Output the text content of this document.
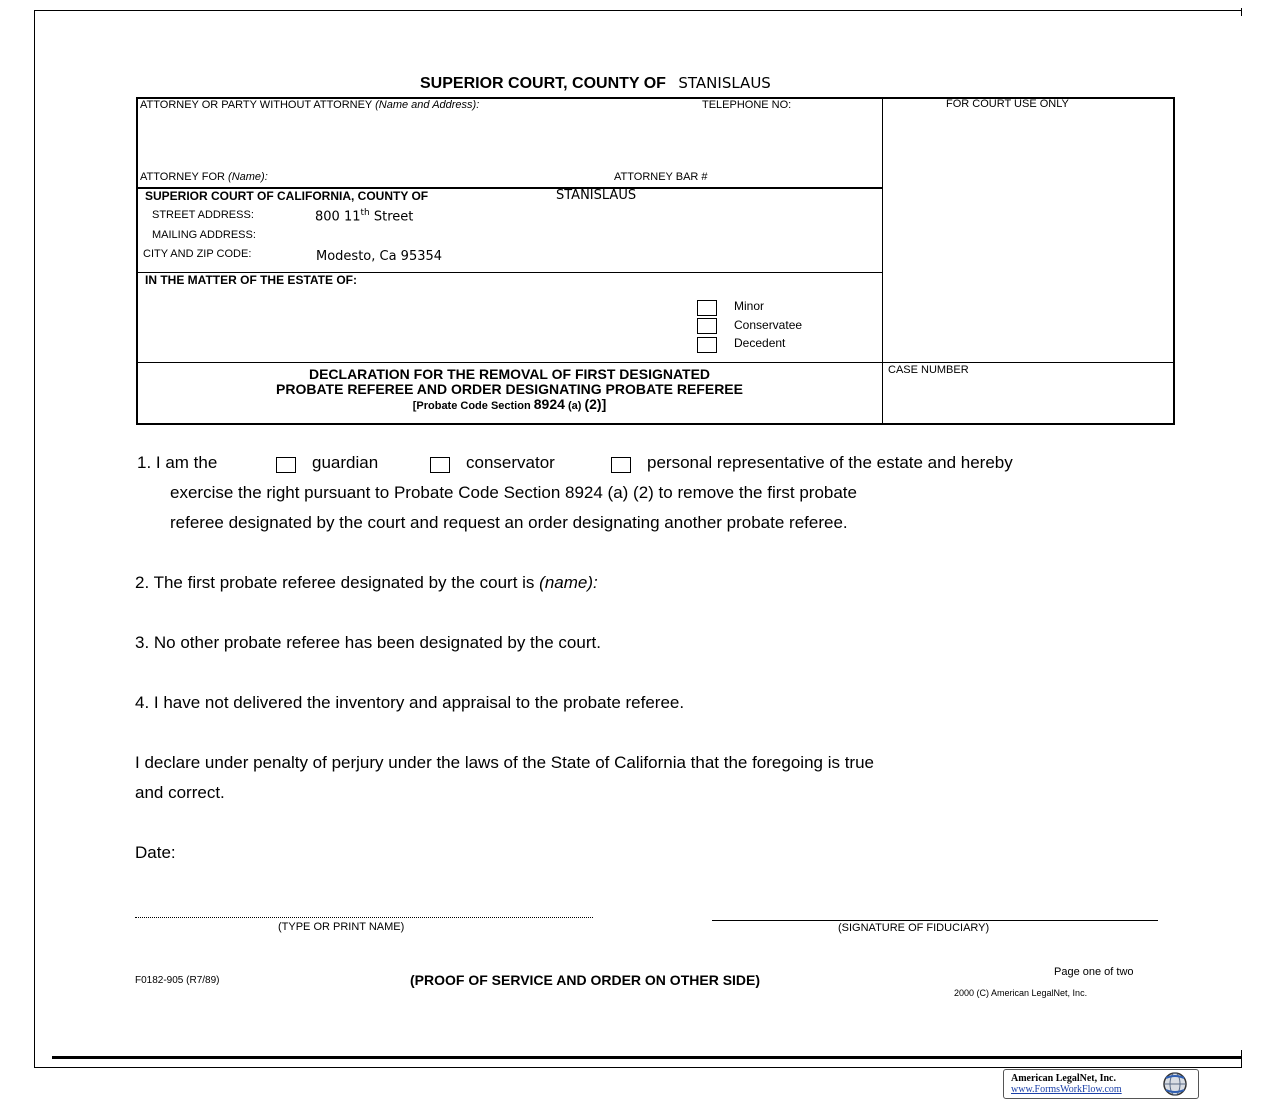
SUPERIOR COURT, COUNTY OF STANISLAUS
ATTORNEY OR PARTY WITHOUT ATTORNEY (Name and Address):	TELEPHONE NO:	FOR COURT USE ONLY
ATTORNEY FOR (Name):	ATTORNEY BAR #
SUPERIOR COURT OF CALIFORNIA, COUNTY OF	STANISLAUS
STREET ADDRESS:	800 11th Street
MAILING ADDRESS:
CITY AND ZIP CODE:	Modesto, Ca 95354
IN THE MATTER OF THE ESTATE OF:
Minor
Conservatee
Decedent
CASE NUMBER
DECLARATION FOR THE REMOVAL OF FIRST DESIGNATED
PROBATE REFEREE AND ORDER DESIGNATING PROBATE REFEREE
[Probate Code Section 8924 (a) (2)]
1. I am the	guardian	conservator	personal representative of the estate and hereby
exercise the right pursuant to Probate Code Section 8924 (a) (2) to remove the first probate
referee designated by the court and request an order designating another probate referee.
2. The first probate referee designated by the court is (name):
3. No other probate referee has been designated by the court.
4. I have not delivered the inventory and appraisal to the probate referee.
I declare under penalty of perjury under the laws of the State of California that the foregoing is true
and correct.
Date:
(TYPE OR PRINT NAME)	(SIGNATURE OF FIDUCIARY)
F0182-905 (R7/89)	(PROOF OF SERVICE AND ORDER ON OTHER SIDE)	Page one of two
2000 (C) American LegalNet, Inc.
American LegalNet, Inc.
www.FormsWorkFlow.com
